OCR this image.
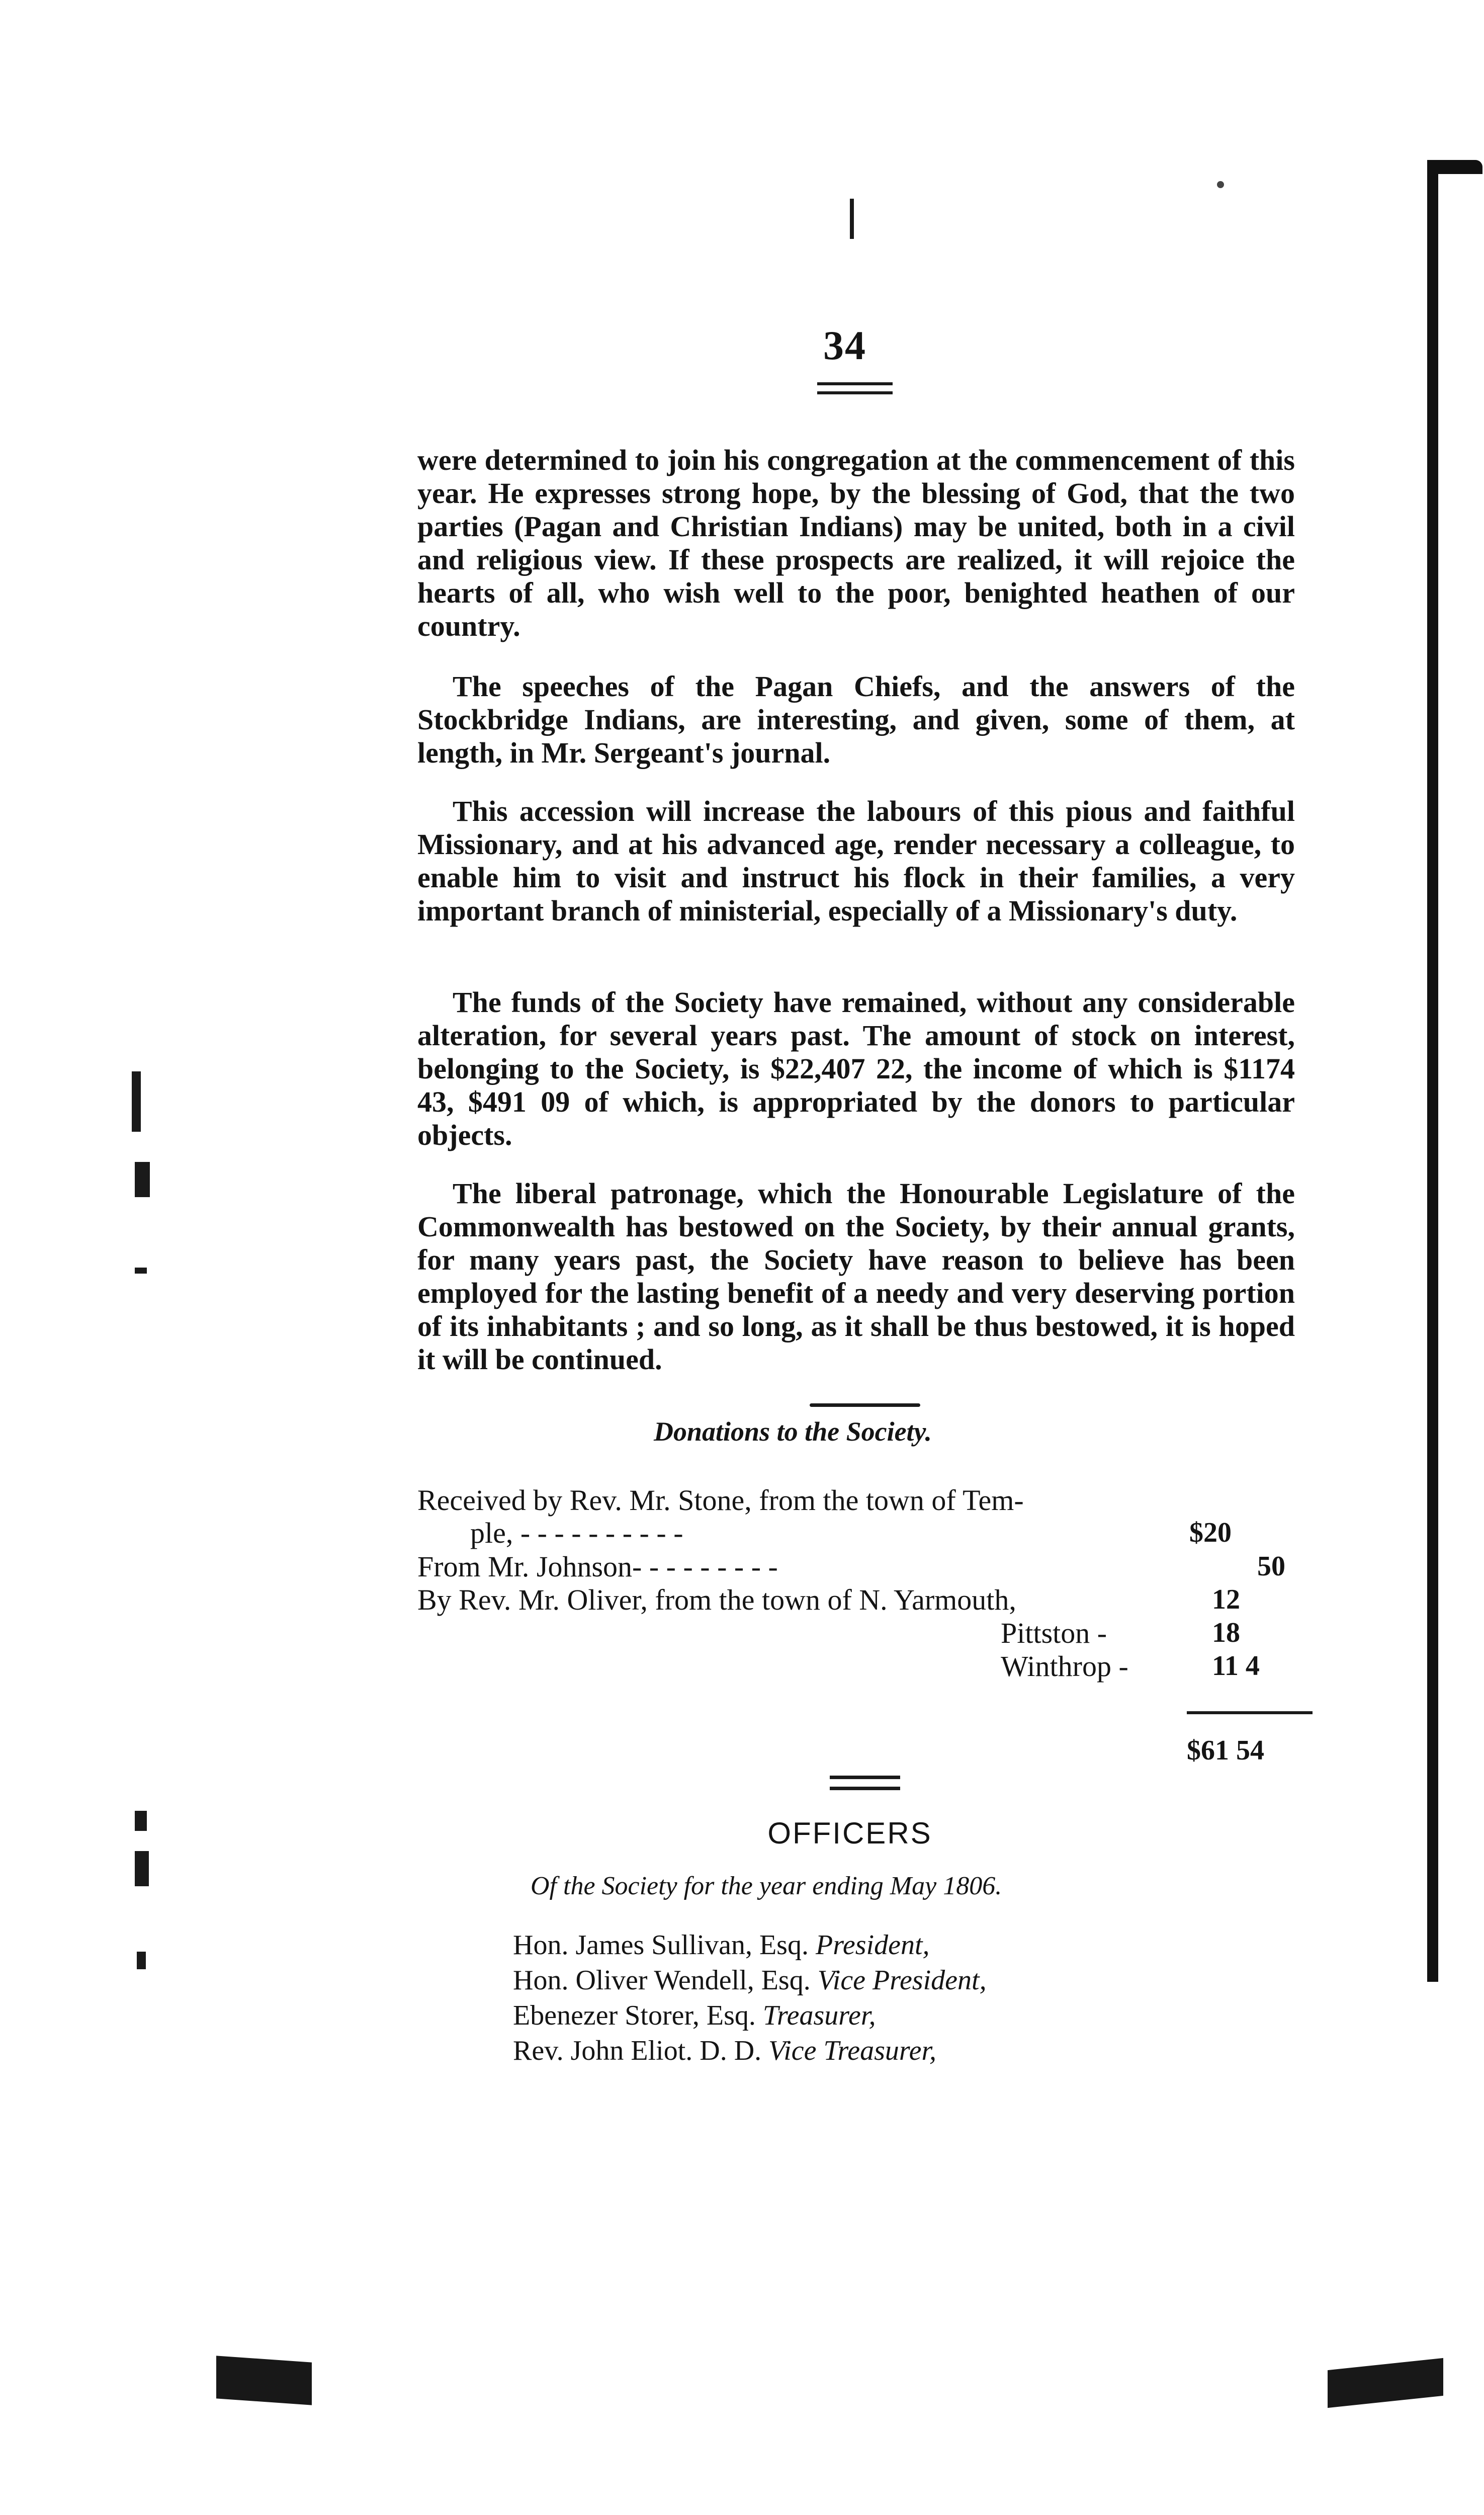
34

were determined to join his congregation at the commencement of this year. He expresses strong hope, by the blessing of God, that the two parties (Pagan and Christian Indians) may be united, both in a civil and religious view. If these prospects are realized, it will rejoice the hearts of all, who wish well to the poor, benighted heathen of our country.

The speeches of the Pagan Chiefs, and the answers of the Stockbridge Indians, are interesting, and given, some of them, at length, in Mr. Sergeant's journal.

This accession will increase the labours of this pious and faithful Missionary, and at his advanced age, render necessary a colleague, to enable him to visit and instruct his flock in their families, a very important branch of ministerial, especially of a Missionary's duty.

The funds of the Society have remained, without any considerable alteration, for several years past. The amount of stock on interest, belonging to the Society, is $22,407 22, the income of which is $1174 43, $491 09 of which, is appropriated by the donors to particular objects.

The liberal patronage, which the Honourable Legislature of the Commonwealth has bestowed on the Society, by their annual grants, for many years past, the Society have reason to believe has been employed for the lasting benefit of a needy and very deserving portion of its inhabitants ; and so long, as it shall be thus bestowed, it is hoped it will be continued.

Donations to the Society.
Received by Rev. Mr. Stone, from the town of Tem-
ple, - - - - - - - - - -	$20
From Mr. Johnson- - - - - - - - -	50
By Rev. Mr. Oliver, from the town of N. Yarmouth,	12
Pittston -	18
Winthrop -	11 4
$61 54
OFFICERS
Of the Society for the year ending May 1806.
Hon. James Sullivan, Esq. President,
Hon. Oliver Wendell, Esq. Vice President,
Ebenezer Storer, Esq. Treasurer,
Rev. John Eliot. D. D. Vice Treasurer,
